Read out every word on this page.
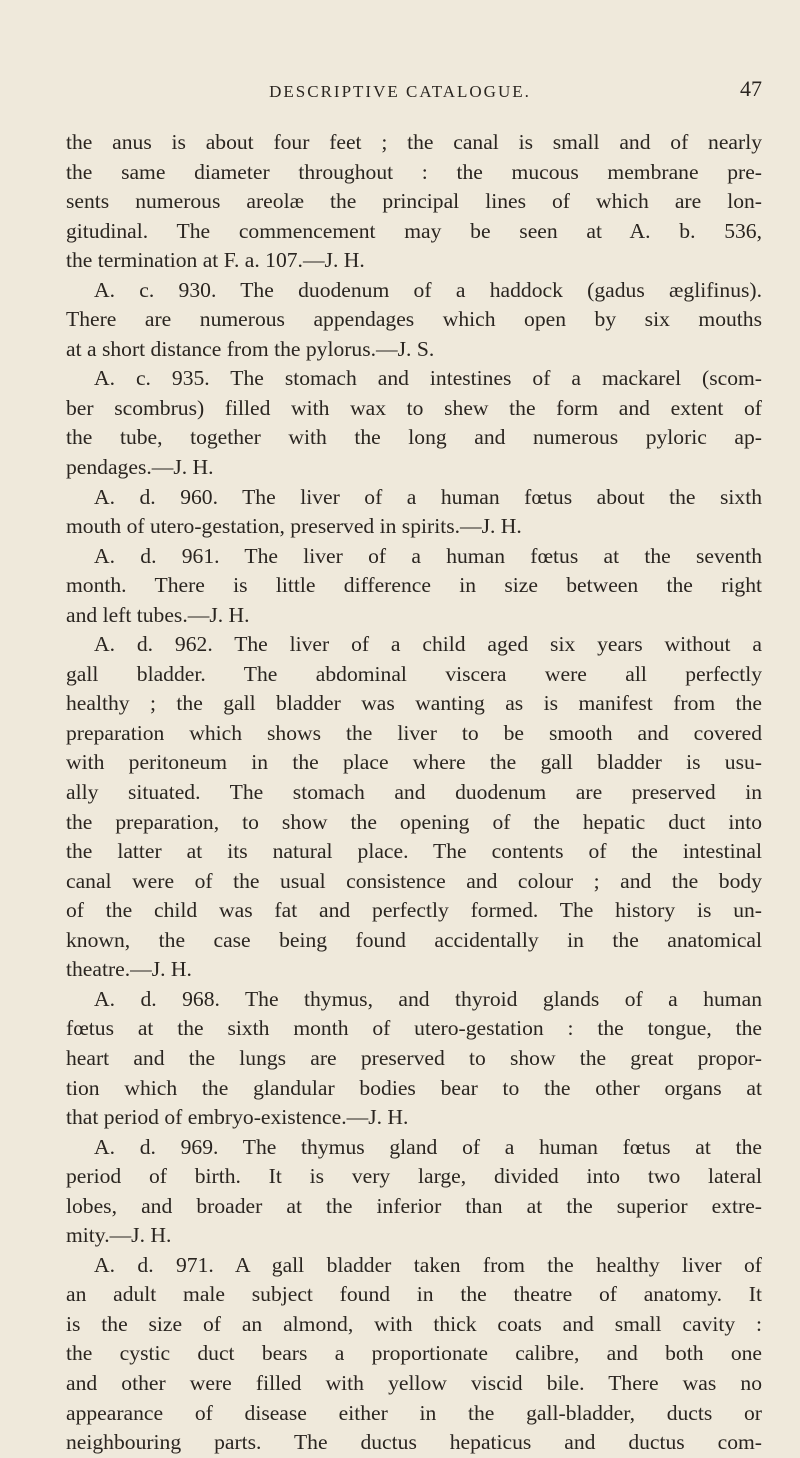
DESCRIPTIVE CATALOGUE.	47
the anus is about four feet ; the canal is small and of nearly
the same diameter throughout : the mucous membrane pre-
sents numerous areolæ the principal lines of which are lon-
gitudinal. The commencement may be seen at A. b. 536,
the termination at F. a. 107.—J. H.
A. c. 930. The duodenum of a haddock (gadus æglifinus).
There are numerous appendages which open by six mouths
at a short distance from the pylorus.—J. S.
A. c. 935. The stomach and intestines of a mackarel (scom-
ber scombrus) filled with wax to shew the form and extent of
the tube, together with the long and numerous pyloric ap-
pendages.—J. H.
A. d. 960. The liver of a human fœtus about the sixth
mouth of utero-gestation, preserved in spirits.—J. H.
A. d. 961. The liver of a human fœtus at the seventh
month. There is little difference in size between the right
and left tubes.—J. H.
A. d. 962. The liver of a child aged six years without a
gall bladder. The abdominal viscera were all perfectly
healthy ; the gall bladder was wanting as is manifest from the
preparation which shows the liver to be smooth and covered
with peritoneum in the place where the gall bladder is usu-
ally situated. The stomach and duodenum are preserved in
the preparation, to show the opening of the hepatic duct into
the latter at its natural place. The contents of the intestinal
canal were of the usual consistence and colour ; and the body
of the child was fat and perfectly formed. The history is un-
known, the case being found accidentally in the anatomical
theatre.—J. H.
A. d. 968. The thymus, and thyroid glands of a human
fœtus at the sixth month of utero-gestation : the tongue, the
heart and the lungs are preserved to show the great propor-
tion which the glandular bodies bear to the other organs at
that period of embryo-existence.—J. H.
A. d. 969. The thymus gland of a human fœtus at the
period of birth. It is very large, divided into two lateral
lobes, and broader at the inferior than at the superior extre-
mity.—J. H.
A. d. 971. A gall bladder taken from the healthy liver of
an adult male subject found in the theatre of anatomy. It
is the size of an almond, with thick coats and small cavity :
the cystic duct bears a proportionate calibre, and both one
and other were filled with yellow viscid bile. There was no
appearance of disease either in the gall-bladder, ducts or
neighbouring parts. The ductus hepaticus and ductus com-
